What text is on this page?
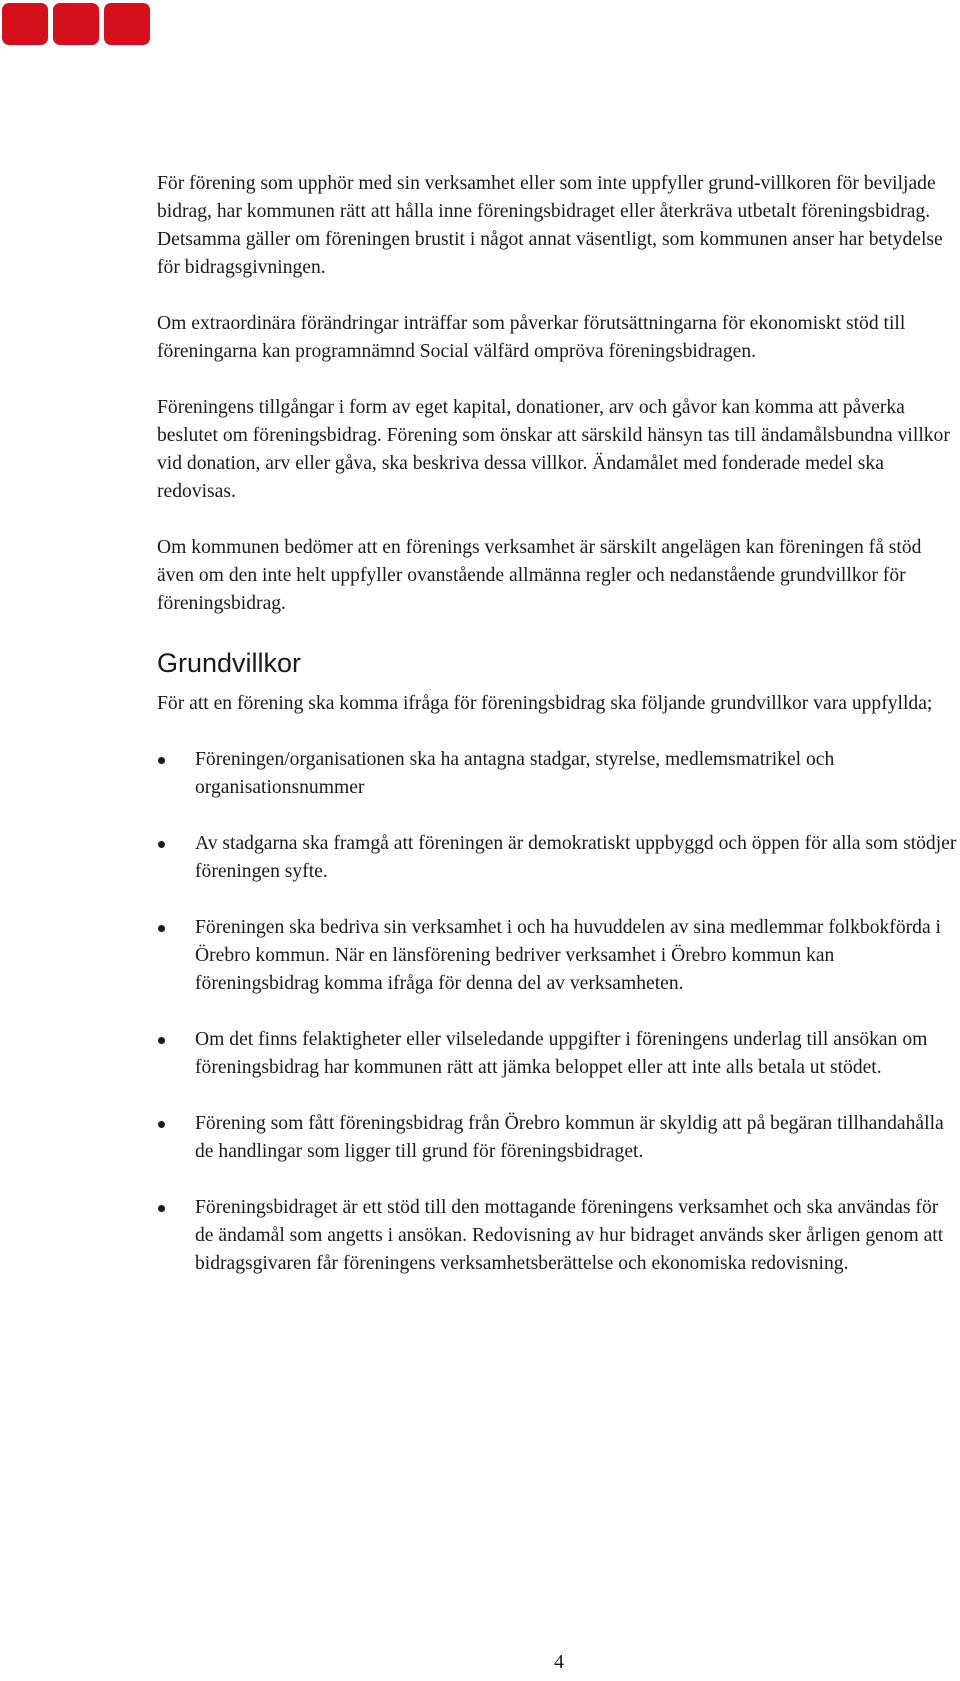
För förening som upphör med sin verksamhet eller som inte uppfyller grund-villkoren för beviljade bidrag, har kommunen rätt att hålla inne föreningsbidraget eller återkräva utbetalt föreningsbidrag. Detsamma gäller om föreningen brustit i något annat väsentligt, som kommunen anser har betydelse för bidragsgivningen.

Om extraordinära förändringar inträffar som påverkar förutsättningarna för ekonomiskt stöd till föreningarna kan programnämnd Social välfärd ompröva föreningsbidragen.

Föreningens tillgångar i form av eget kapital, donationer, arv och gåvor kan komma att påverka beslutet om föreningsbidrag. Förening som önskar att särskild hänsyn tas till ändamålsbundna villkor vid donation, arv eller gåva, ska beskriva dessa villkor. Ändamålet med fonderade medel ska redovisas.

Om kommunen bedömer att en förenings verksamhet är särskilt angelägen kan föreningen få stöd även om den inte helt uppfyller ovanstående allmänna regler och nedanstående grundvillkor för föreningsbidrag.

Grundvillkor

För att en förening ska komma ifråga för föreningsbidrag ska följande grundvillkor vara uppfyllda;

Föreningen/organisationen ska ha antagna stadgar, styrelse, medlemsmatrikel och organisationsnummer
Av stadgarna ska framgå att föreningen är demokratiskt uppbyggd och öppen för alla som stödjer föreningen syfte.
Föreningen ska bedriva sin verksamhet i och ha huvuddelen av sina medlemmar folkbokförda i Örebro kommun. När en länsförening bedriver verksamhet i Örebro kommun kan föreningsbidrag komma ifråga för denna del av verksamheten.
Om det finns felaktigheter eller vilseledande uppgifter i föreningens underlag till ansökan om föreningsbidrag har kommunen rätt att jämka beloppet eller att inte alls betala ut stödet.
Förening som fått föreningsbidrag från Örebro kommun är skyldig att på begäran tillhandahålla de handlingar som ligger till grund för föreningsbidraget.
Föreningsbidraget är ett stöd till den mottagande föreningens verksamhet och ska användas för de ändamål som angetts i ansökan. Redovisning av hur bidraget används sker årligen genom att bidragsgivaren får föreningens verksamhetsberättelse och ekonomiska redovisning.
4
